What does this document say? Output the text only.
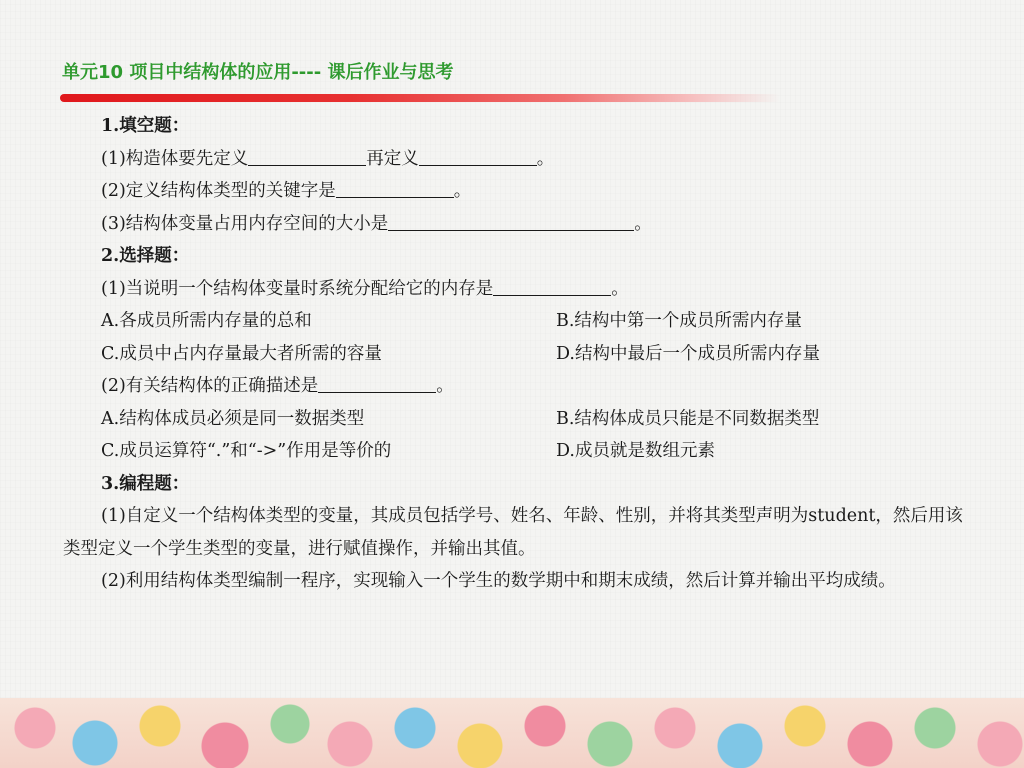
单元10 项目中结构体的应用---- 课后作业与思考
1.填空题：
(1)构造体要先定义	再定义	。
(2)定义结构体类型的关键字是	。
(3)结构体变量占用内存空间的大小是	。
2.选择题：
(1)当说明一个结构体变量时系统分配给它的内存是	。
A.各成员所需内存量的总和	B.结构中第一个成员所需内存量
C.成员中占内存量最大者所需的容量	D.结构中最后一个成员所需内存量
(2)有关结构体的正确描述是	。
A.结构体成员必须是同一数据类型	B.结构体成员只能是不同数据类型
C.成员运算符“.”和“->”作用是等价的	D.成员就是数组元素
3.编程题：
(1)自定义一个结构体类型的变量，其成员包括学号、姓名、年龄、性别，并将其类型声明为student，然后用该类型定义一个学生类型的变量，进行赋值操作，并输出其值。
(2)利用结构体类型编制一程序，实现输入一个学生的数学期中和期末成绩，然后计算并输出平均成绩。
